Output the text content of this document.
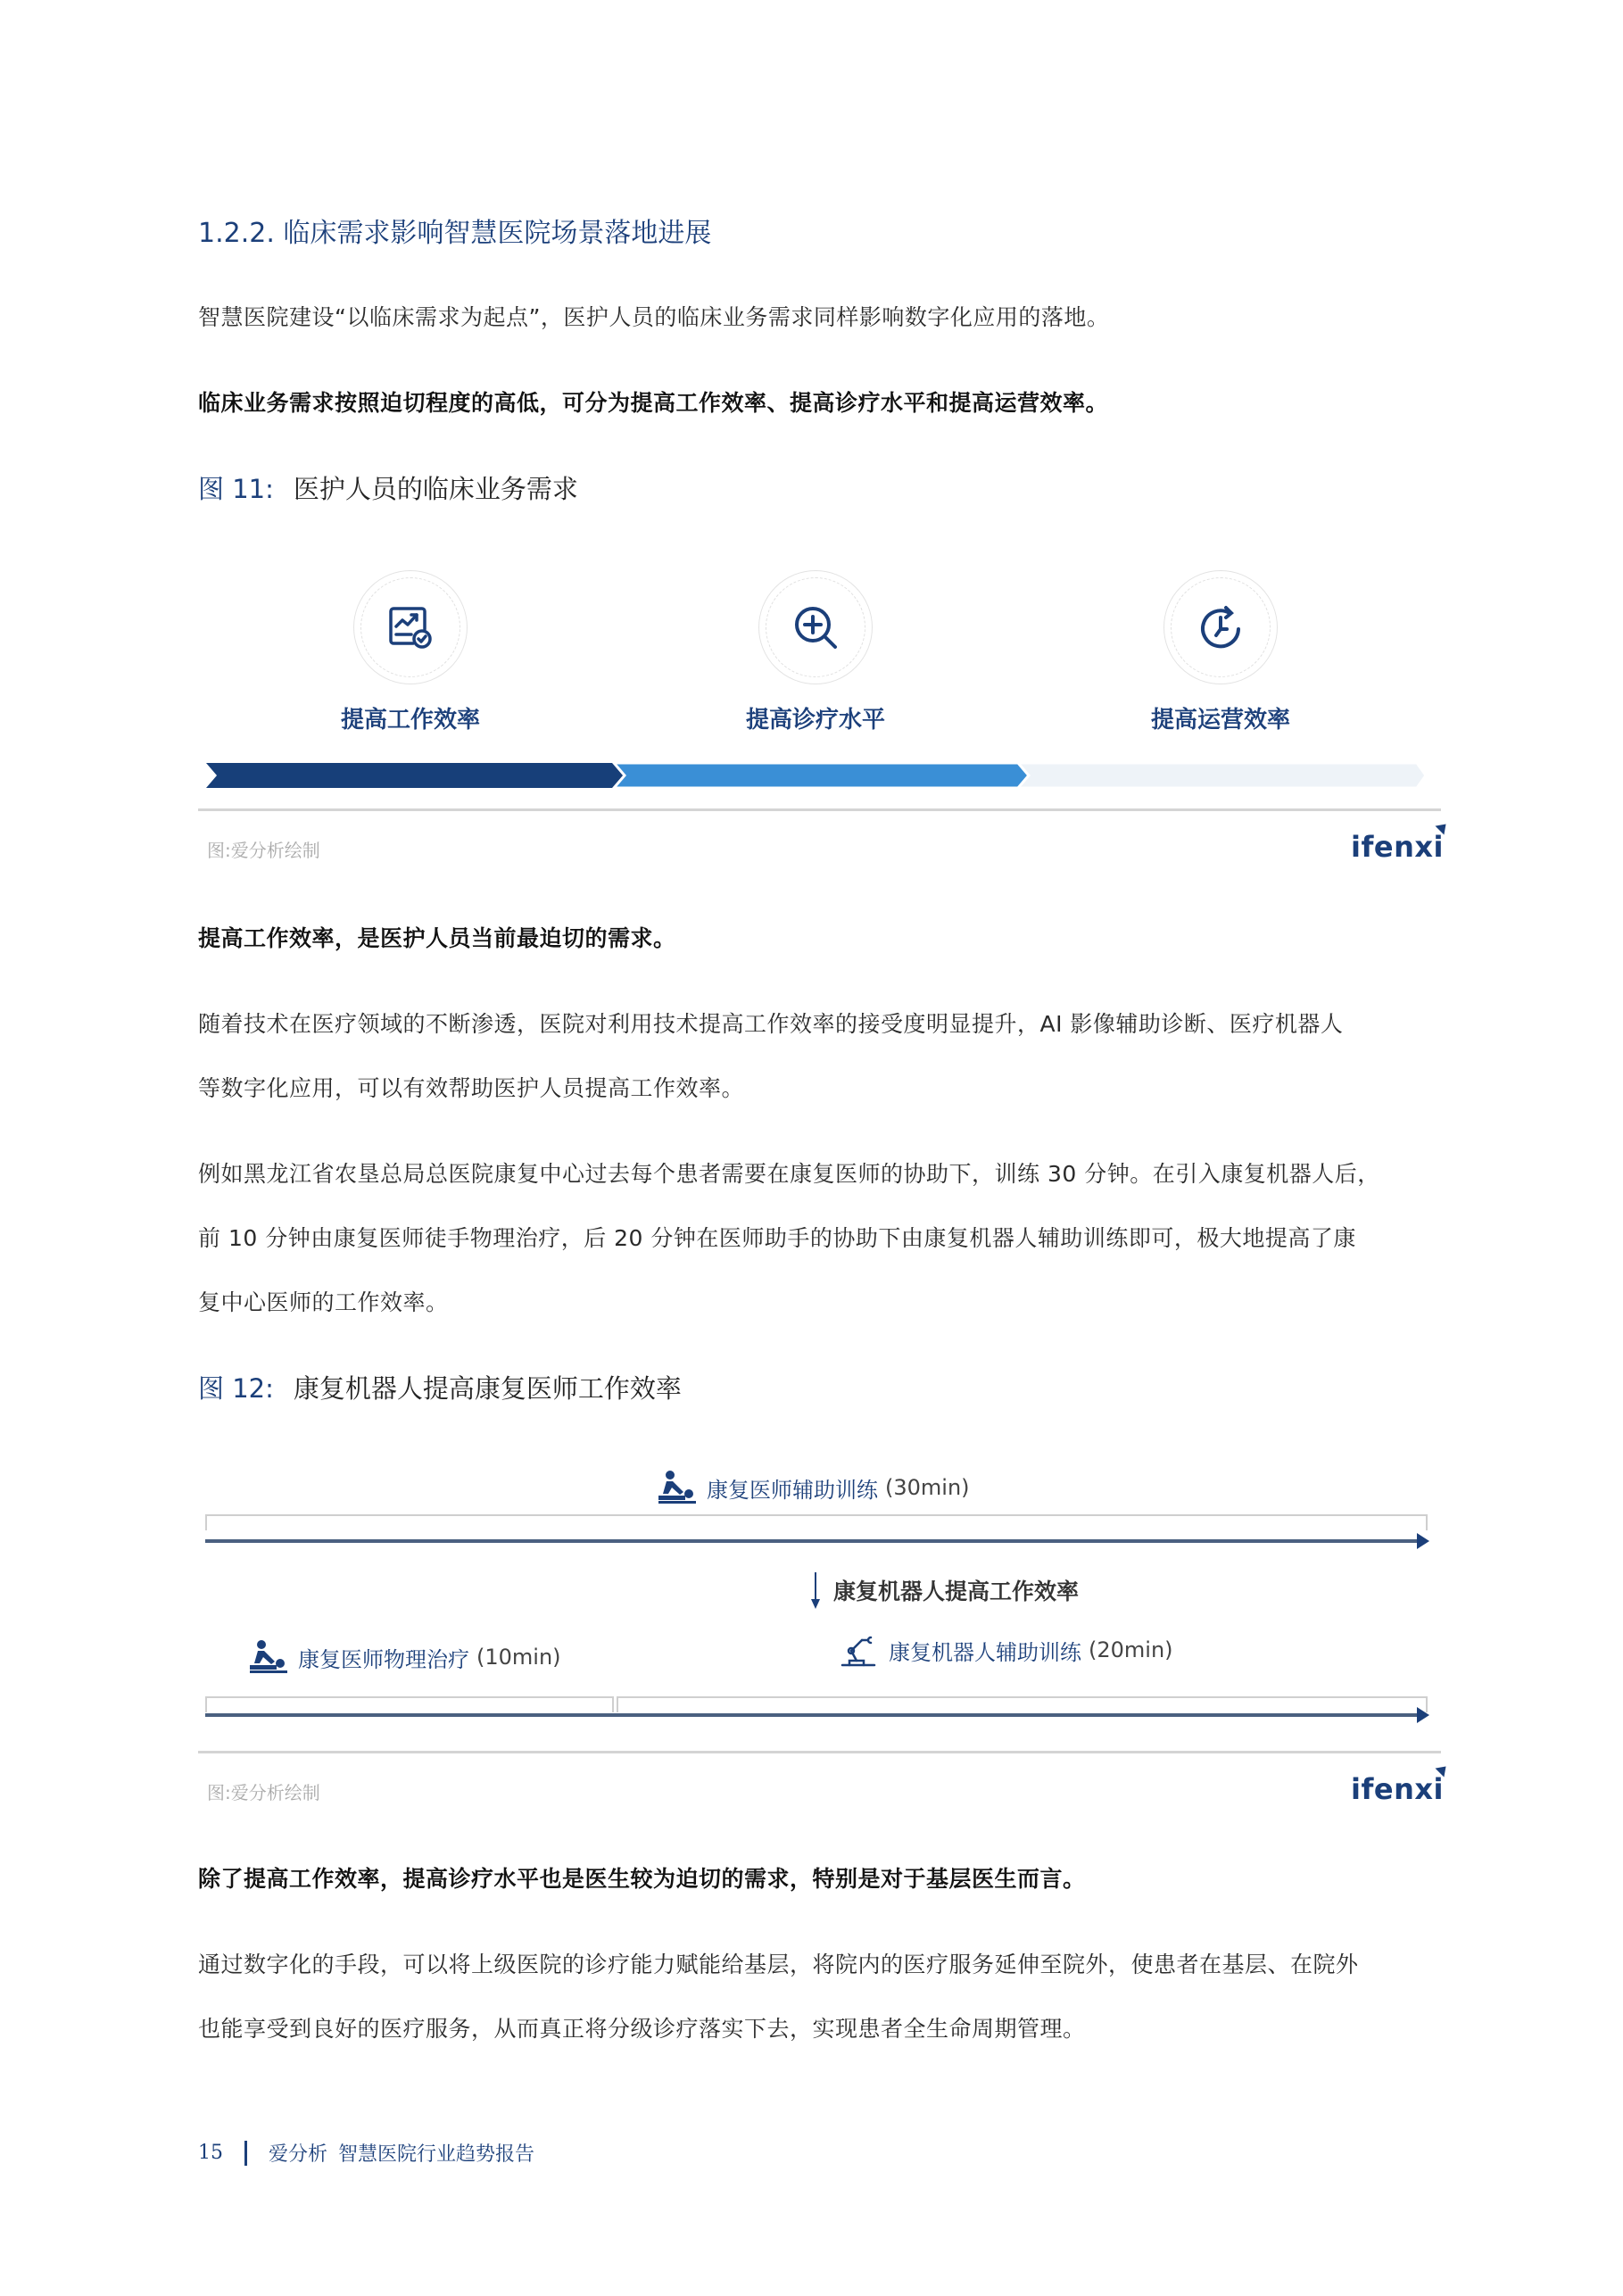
1.2.2. 临床需求影响智慧医院场景落地进展
智慧医院建设“以临床需求为起点”，医护人员的临床业务需求同样影响数字化应用的落地。
临床业务需求按照迫切程度的高低，可分为提高工作效率、提高诊疗水平和提高运营效率。
图 11: 医护人员的临床业务需求
提高工作效率	提高诊疗水平	提高运营效率
图:爱分析绘制	ifenxi
提高工作效率，是医护人员当前最迫切的需求。
随着技术在医疗领域的不断渗透，医院对利用技术提高工作效率的接受度明显提升，AI 影像辅助诊断、医疗机器人
等数字化应用，可以有效帮助医护人员提高工作效率。
例如黑龙江省农垦总局总医院康复中心过去每个患者需要在康复医师的协助下，训练 30 分钟。在引入康复机器人后，
前 10 分钟由康复医师徒手物理治疗，后 20 分钟在医师助手的协助下由康复机器人辅助训练即可，极大地提高了康
复中心医师的工作效率。
图 12: 康复机器人提高康复医师工作效率
康复医师辅助训练 (30min)
康复机器人提高工作效率
康复医师物理治疗 (10min)	康复机器人辅助训练 (20min)
图:爱分析绘制	ifenxi
除了提高工作效率，提高诊疗水平也是医生较为迫切的需求，特别是对于基层医生而言。
通过数字化的手段，可以将上级医院的诊疗能力赋能给基层，将院内的医疗服务延伸至院外，使患者在基层、在院外
也能享受到良好的医疗服务，从而真正将分级诊疗落实下去，实现患者全生命周期管理。
15 爱分析 智慧医院行业趋势报告
